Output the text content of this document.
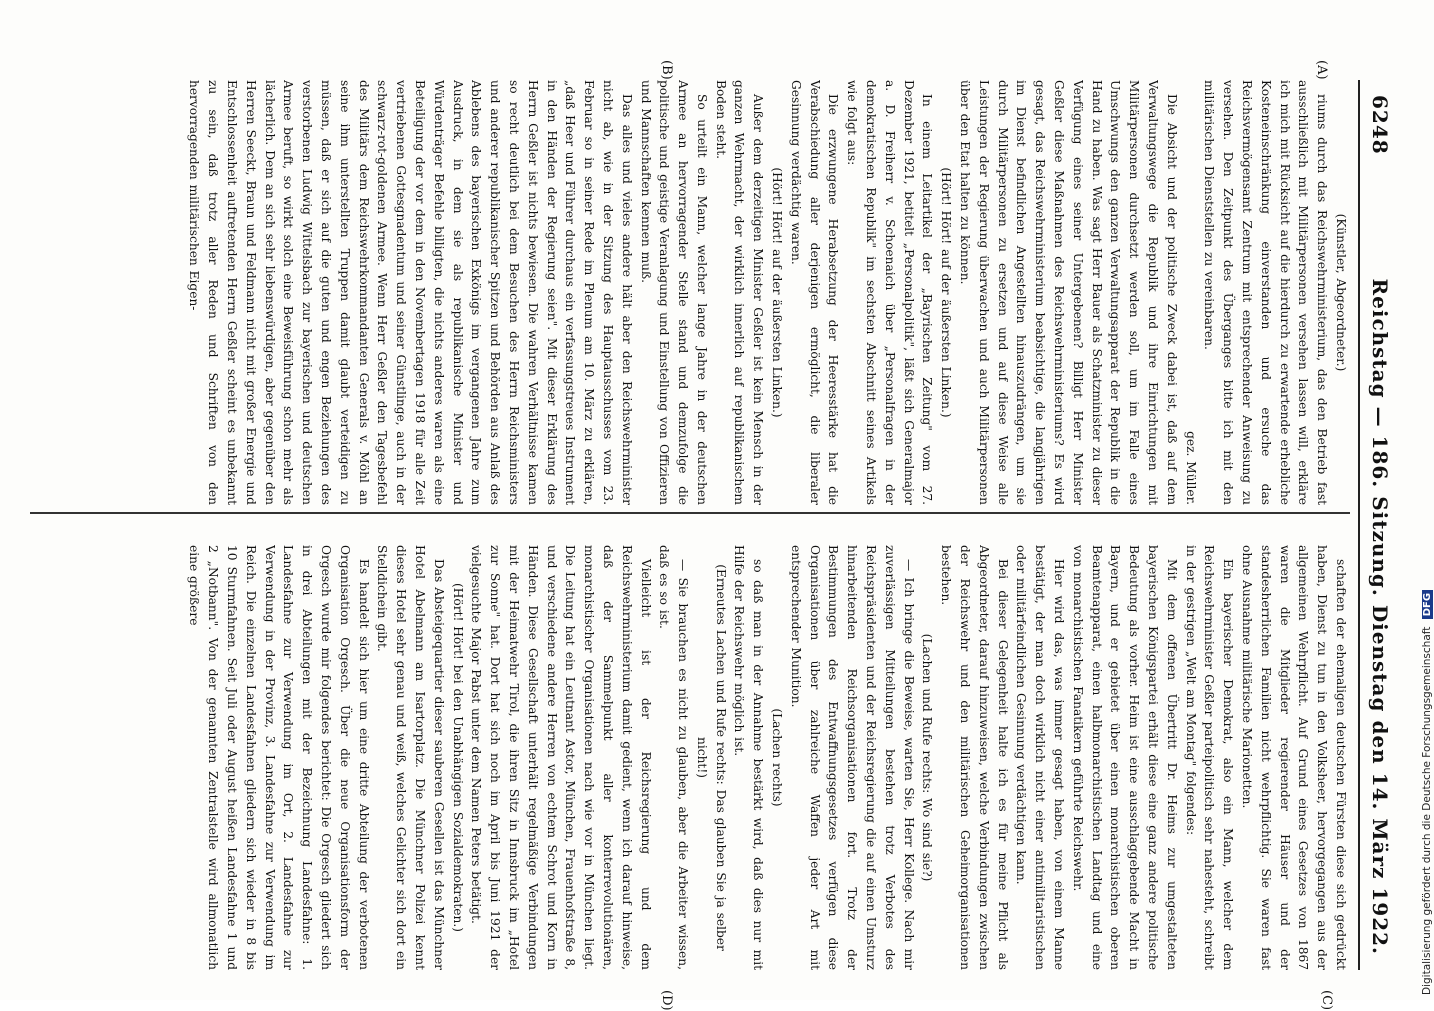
6248
Reichstag — 186. Sitzung. Dienstag den 14. März 1922.
(A)
(B)
(C)
(D)

(Künstler, Abgeordneter.)

riums durch das Reichswehrministerium, das den Betrieb fast ausschließlich mit Militärpersonen versehen lassen will, erkläre ich mich mit Rücksicht auf die hierdurch zu erwartende erhebliche Kosteneinschränkung einverstanden und ersuche das Reichsvermögensamt Zentrum mit entsprechender Anweisung zu versehen. Den Zeitpunkt des Überganges bitte ich mit den militärischen Dienststellen zu vereinbaren.

gez. Müller.

Die Absicht und der politische Zweck dabei ist, daß auf dem Verwaltungswege die Republik und ihre Einrichtungen mit Militärpersonen durchsetzt werden soll, um im Falle eines Umschwungs den ganzen Verwaltungsapparat der Republik in die Hand zu haben. Was sagt Herr Bauer als Schatzminister zu dieser Verfügung eines seiner Untergebenen? Billigt Herr Minister Geßler diese Maßnahmen des Reichswehrministeriums? Es wird gesagt, das Reichswehrministerium beabsichtige, die langjährigen im Dienst befindlichen Angestellten hinauszudrängen, um sie durch Militärpersonen zu ersetzen und auf diese Weise alle Leistungen der Regierung überwachen und auch Militärpersonen über den Etat halten zu können.

(Hört! Hört! auf der äußersten Linken.)

In einem Leitartikel der „Bayrischen Zeitung" vom 27. Dezember 1921, betitelt „Personalpolitik", läßt sich Generalmajor a. D. Freiherr v. Schoenaich über „Personalfragen in der demokratischen Republik" im sechsten Abschnitt seines Artikels wie folgt aus:

Die erzwungene Herabsetzung der Heeresstärke hat die Verabschiedung aller derjenigen ermöglicht, die liberaler Gesinnung verdächtig waren.

(Hört! Hört! auf der äußersten Linken.)

Außer dem derzeitigen Minister Geßler ist kein Mensch in der ganzen Wehrmacht, der wirklich innerlich auf republikanischem Boden steht.

So urteilt ein Mann, welcher lange Jahre in der deutschen Armee an hervorragender Stelle stand und demzufolge die politische und geistige Veranlagung und Einstellung von Offizieren und Mannschaften kennen muß.

Das alles und vieles andere hält aber den Reichswehrminister nicht ab, wie in der Sitzung des Hauptausschusses vom 23. Februar so in seiner Rede im Plenum am 10. März zu erklären, „daß Heer und Führer durchaus ein verfassungstreues Instrument in den Händen der Regierung seien". Mit dieser Erklärung des Herrn Geßler ist nichts bewiesen. Die wahren Verhältnisse kamen so recht deutlich bei dem Besuchen des Herrn Reichsministers und anderer republikanischer Spitzen und Behörden aus Anlaß des Ablebens des bayerischen Exkönigs im vergangenen Jahre zum Ausdruck, in dem sie als republikanische Minister und Würdenträger Befehle billigten, die nichts anderes waren als eine Beteiligung der vor dem in den Novembertagen 1918 für alle Zeit vertriebenen Gottesgnadentum und seiner Günstlinge, auch in der schwarz-rot-goldenen Armee. Wenn Herr Geßler den Tagesbefehl des Militärs dem Reichswehrkommandanten Generals v. Möhl an seine ihm unterstellten Truppen damit glaubt verteidigen zu müssen, daß er sich auf die guten und engen Beziehungen des verstorbenen Ludwig Wittelsbach zur bayerischen und deutschen Armee beruft, so wirkt solch eine Beweisführung schon mehr als lächerlich. Dem an sich sehr liebenswürdigen, aber gegenüber den Herren Seeckt, Braun und Feldmann nicht mit großer Energie und Entschlossenheit auftretenden Herrn Geßler scheint es unbekannt zu sein, daß trotz aller Reden und Schriften von den hervorragenden militärischen Eigen-

schaften der ehemaligen deutschen Fürsten diese sich gedrückt haben, Dienst zu tun in den Volksheer, hervorgegangen aus der allgemeinen Wehrpflicht. Auf Grund eines Gesetzes von 1867 waren die Mitglieder regierender Häuser und der standesherrlichen Familien nicht wehrpflichtig. Sie waren fast ohne Ausnahme militärische Marionetten.

Ein bayerischer Demokrat, also ein Mann, welcher dem Reichswehrminister Geßler parteipolitisch sehr nahesteht, schreibt in der gestrigen „Welt am Montag" folgendes:

Mit dem offenen Übertritt Dr. Heims zur umgestalteten bayerischen Königspartei erhält diese eine ganz andere politische Bedeutung als vorher. Heim ist eine ausschlaggebende Macht in Bayern, und er gebietet über einen monarchistischen oberen Beamtenapparat, einen halbmonarchistischen Landtag und eine von monarchistischen Fanatikern geführte Reichswehr.

Hier wird das, was immer gesagt haben, von einem Manne bestätigt, der man doch wirklich nicht einer antimilitaristischen oder militärfeindlichen Gesinnung verdächtigen kann.

Bei dieser Gelegenheit halte ich es für meine Pflicht als Abgeordneter, darauf hinzuweisen, welche Verbindungen zwischen der Reichswehr und den militärischen Geheimorganisationen bestehen.

(Lachen und Rufe rechts: Wo sind sie?)

— Ich bringe die Beweise, warten Sie, Herr Kollege. Nach mir zuverlässigen Mitteilungen bestehen trotz Verbotes des Reichspräsidenten und der Reichsregierung die auf einen Umsturz hinarbeitenden Reichsorganisationen fort. Trotz der Bestimmungen des Entwaffnungsgesetzes verfügen diese Organisationen über zahlreiche Waffen jeder Art mit entsprechender Munition.

(Lachen rechts)

so daß man in der Annahme bestärkt wird, daß dies nur mit Hilfe der Reichswehr möglich ist.

(Erneutes Lachen und Rufe rechts: Das glauben Sie ja selber nicht!)

— Sie brauchen es nicht zu glauben, aber die Arbeiter wissen, daß es so ist.

Vielleicht ist der Reichsregierung und dem Reichswehrministerium damit gedient, wenn ich darauf hinweise, daß der Sammelpunkt aller konterrevolutionären, monarchistischer Organisationen nach wie vor in München liegt. Die Leitung hat ein Leutnant Astor, München, Frauenhofstraße 8, und verschiedene andere Herren von echtem Schrot und Korn in Händen. Diese Gesellschaft unterhält regelmäßige Verbindungen mit der Heimatwehr Tirol, die ihren Sitz in Innsbruck im „Hotel zur Sonne" hat. Dort hat sich noch im April bis Juni 1921 der vielgesuchte Major Pabst unter dem Namen Peters betätigt.

(Hört! Hört! bei den Unabhängigen Sozialdemokraten.)

Das Absteigequartier dieser sauberen Gesellen ist das Münchner Hotel Abelmann am Isartorplatz. Die Münchner Polizei kennt dieses Hotel sehr genau und weiß, welches Gelichter sich dort ein Stelldichein gibt.

Es handelt sich hier um eine dritte Abteilung der verbotenen Organisation Orgesch. Über die neue Organisationsform der Orgesch wurde mir folgendes berichtet: Die Orgesch gliedert sich in drei Abteilungen mit der Bezeichnung Landesfahne: 1. Landesfahne zur Verwendung im Ort, 2. Landesfahne zur Verwendung in der Provinz, 3. Landesfahne zur Verwendung im Reich. Die einzelnen Landesfahnen gliedern sich wieder in 8 bis 10 Sturmfahnen. Seit Juli oder August heißen Landesfahne 1 und 2 „Notbann". Von der genannten Zentralstelle wird allmonatlich eine größere

Digitalisierung gefördert durch die Deutsche Forschungsgemeinschaft DFG
